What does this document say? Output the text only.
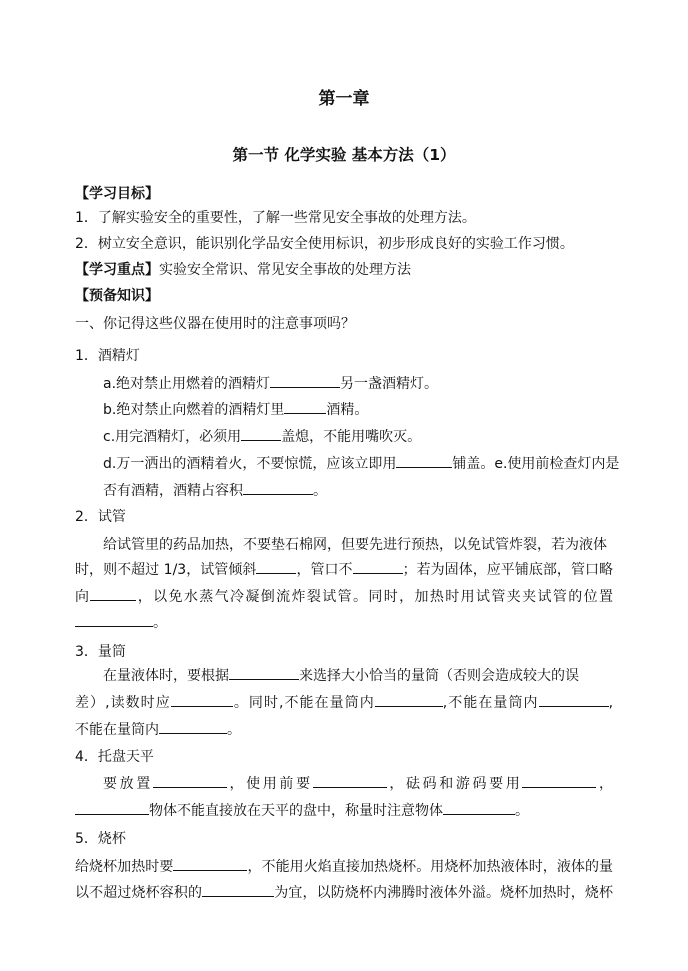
第一章
第一节 化学实验 基本方法（1）
【学习目标】
1．了解实验安全的重要性，了解一些常见安全事故的处理方法。
2．树立安全意识，能识别化学品安全使用标识，初步形成良好的实验工作习惯。
【学习重点】实验安全常识、常见安全事故的处理方法
【预备知识】
一、你记得这些仪器在使用时的注意事项吗？
1．酒精灯
a.绝对禁止用燃着的酒精灯	另一盏酒精灯。
b.绝对禁止向燃着的酒精灯里	酒精。
c.用完酒精灯，必须用	盖熄，不能用嘴吹灭。
d.万一洒出的酒精着火，不要惊慌，应该立即用	铺盖。e.使用前检查灯内是
否有酒精，酒精占容积	。
2．试管
给试管里的药品加热，不要垫石棉网，但要先进行预热，以免试管炸裂，若为液体
时，则不超过 1/3，试管倾斜	，管口不	；若为固体，应平铺底部，管口略
向	，以免水蒸气冷凝倒流炸裂试管。同时，加热时用试管夹夹试管的位置
。
3．量筒
在量液体时，要根据	来选择大小恰当的量筒（否则会造成较大的误
差）,读数时应	。同时,不能在量筒内	,不能在量筒内	,
不能在量筒内	。
4．托盘天平
要放置	，使用前要	，砝码和游码要用	，
物体不能直接放在天平的盘中，称量时注意物体	。
5．烧杯
给烧杯加热时要	，不能用火焰直接加热烧杯。用烧杯加热液体时，液体的量
以不超过烧杯容积的	为宜，以防烧杯内沸腾时液体外溢。烧杯加热时，烧杯
